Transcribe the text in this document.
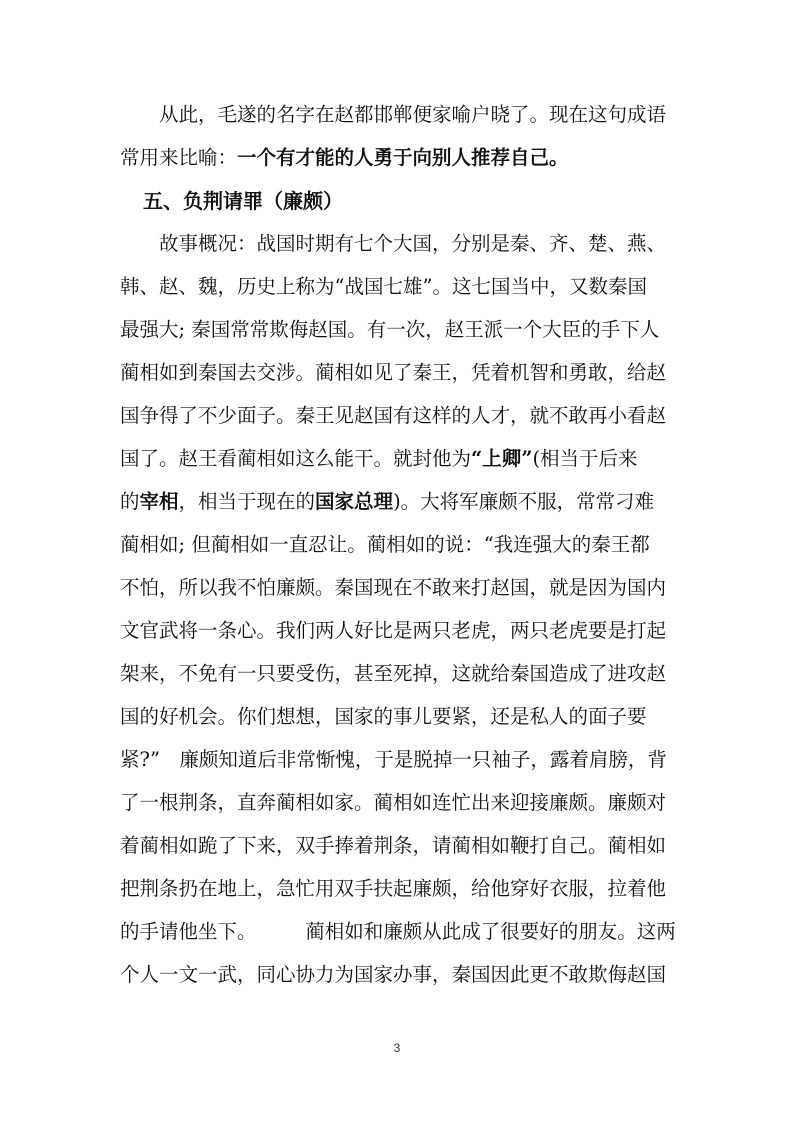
　　从此，毛遂的名字在赵都邯郸便家喻户晓了。现在这句成语
常用来比喻：一个有才能的人勇于向别人推荐自己。
五、负荆请罪（廉颇）
　　故事概况：战国时期有七个大国，分别是秦、齐、楚、燕、
韩、赵、魏，历史上称为“战国七雄”。这七国当中，又数秦国
最强大; 秦国常常欺侮赵国。有一次，赵王派一个大臣的手下人
蔺相如到秦国去交涉。蔺相如见了秦王，凭着机智和勇敢，给赵
国争得了不少面子。秦王见赵国有这样的人才，就不敢再小看赵
国了。赵王看蔺相如这么能干。就封他为“上卿”(相当于后来
的宰相，相当于现在的国家总理)。大将军廉颇不服，常常刁难
蔺相如; 但蔺相如一直忍让。蔺相如的说：“我连强大的秦王都
不怕，所以我不怕廉颇。秦国现在不敢来打赵国，就是因为国内
文官武将一条心。我们两人好比是两只老虎，两只老虎要是打起
架来，不免有一只要受伤，甚至死掉，这就给秦国造成了进攻赵
国的好机会。你们想想，国家的事儿要紧，还是私人的面子要
紧?”　廉颇知道后非常惭愧，于是脱掉一只袖子，露着肩膀，背
了一根荆条，直奔蔺相如家。蔺相如连忙出来迎接廉颇。廉颇对
着蔺相如跪了下来，双手捧着荆条，请蔺相如鞭打自己。蔺相如
把荆条扔在地上，急忙用双手扶起廉颇，给他穿好衣服，拉着他
的手请他坐下。　　　蔺相如和廉颇从此成了很要好的朋友。这两
个人一文一武，同心协力为国家办事，秦国因此更不敢欺侮赵国
3
